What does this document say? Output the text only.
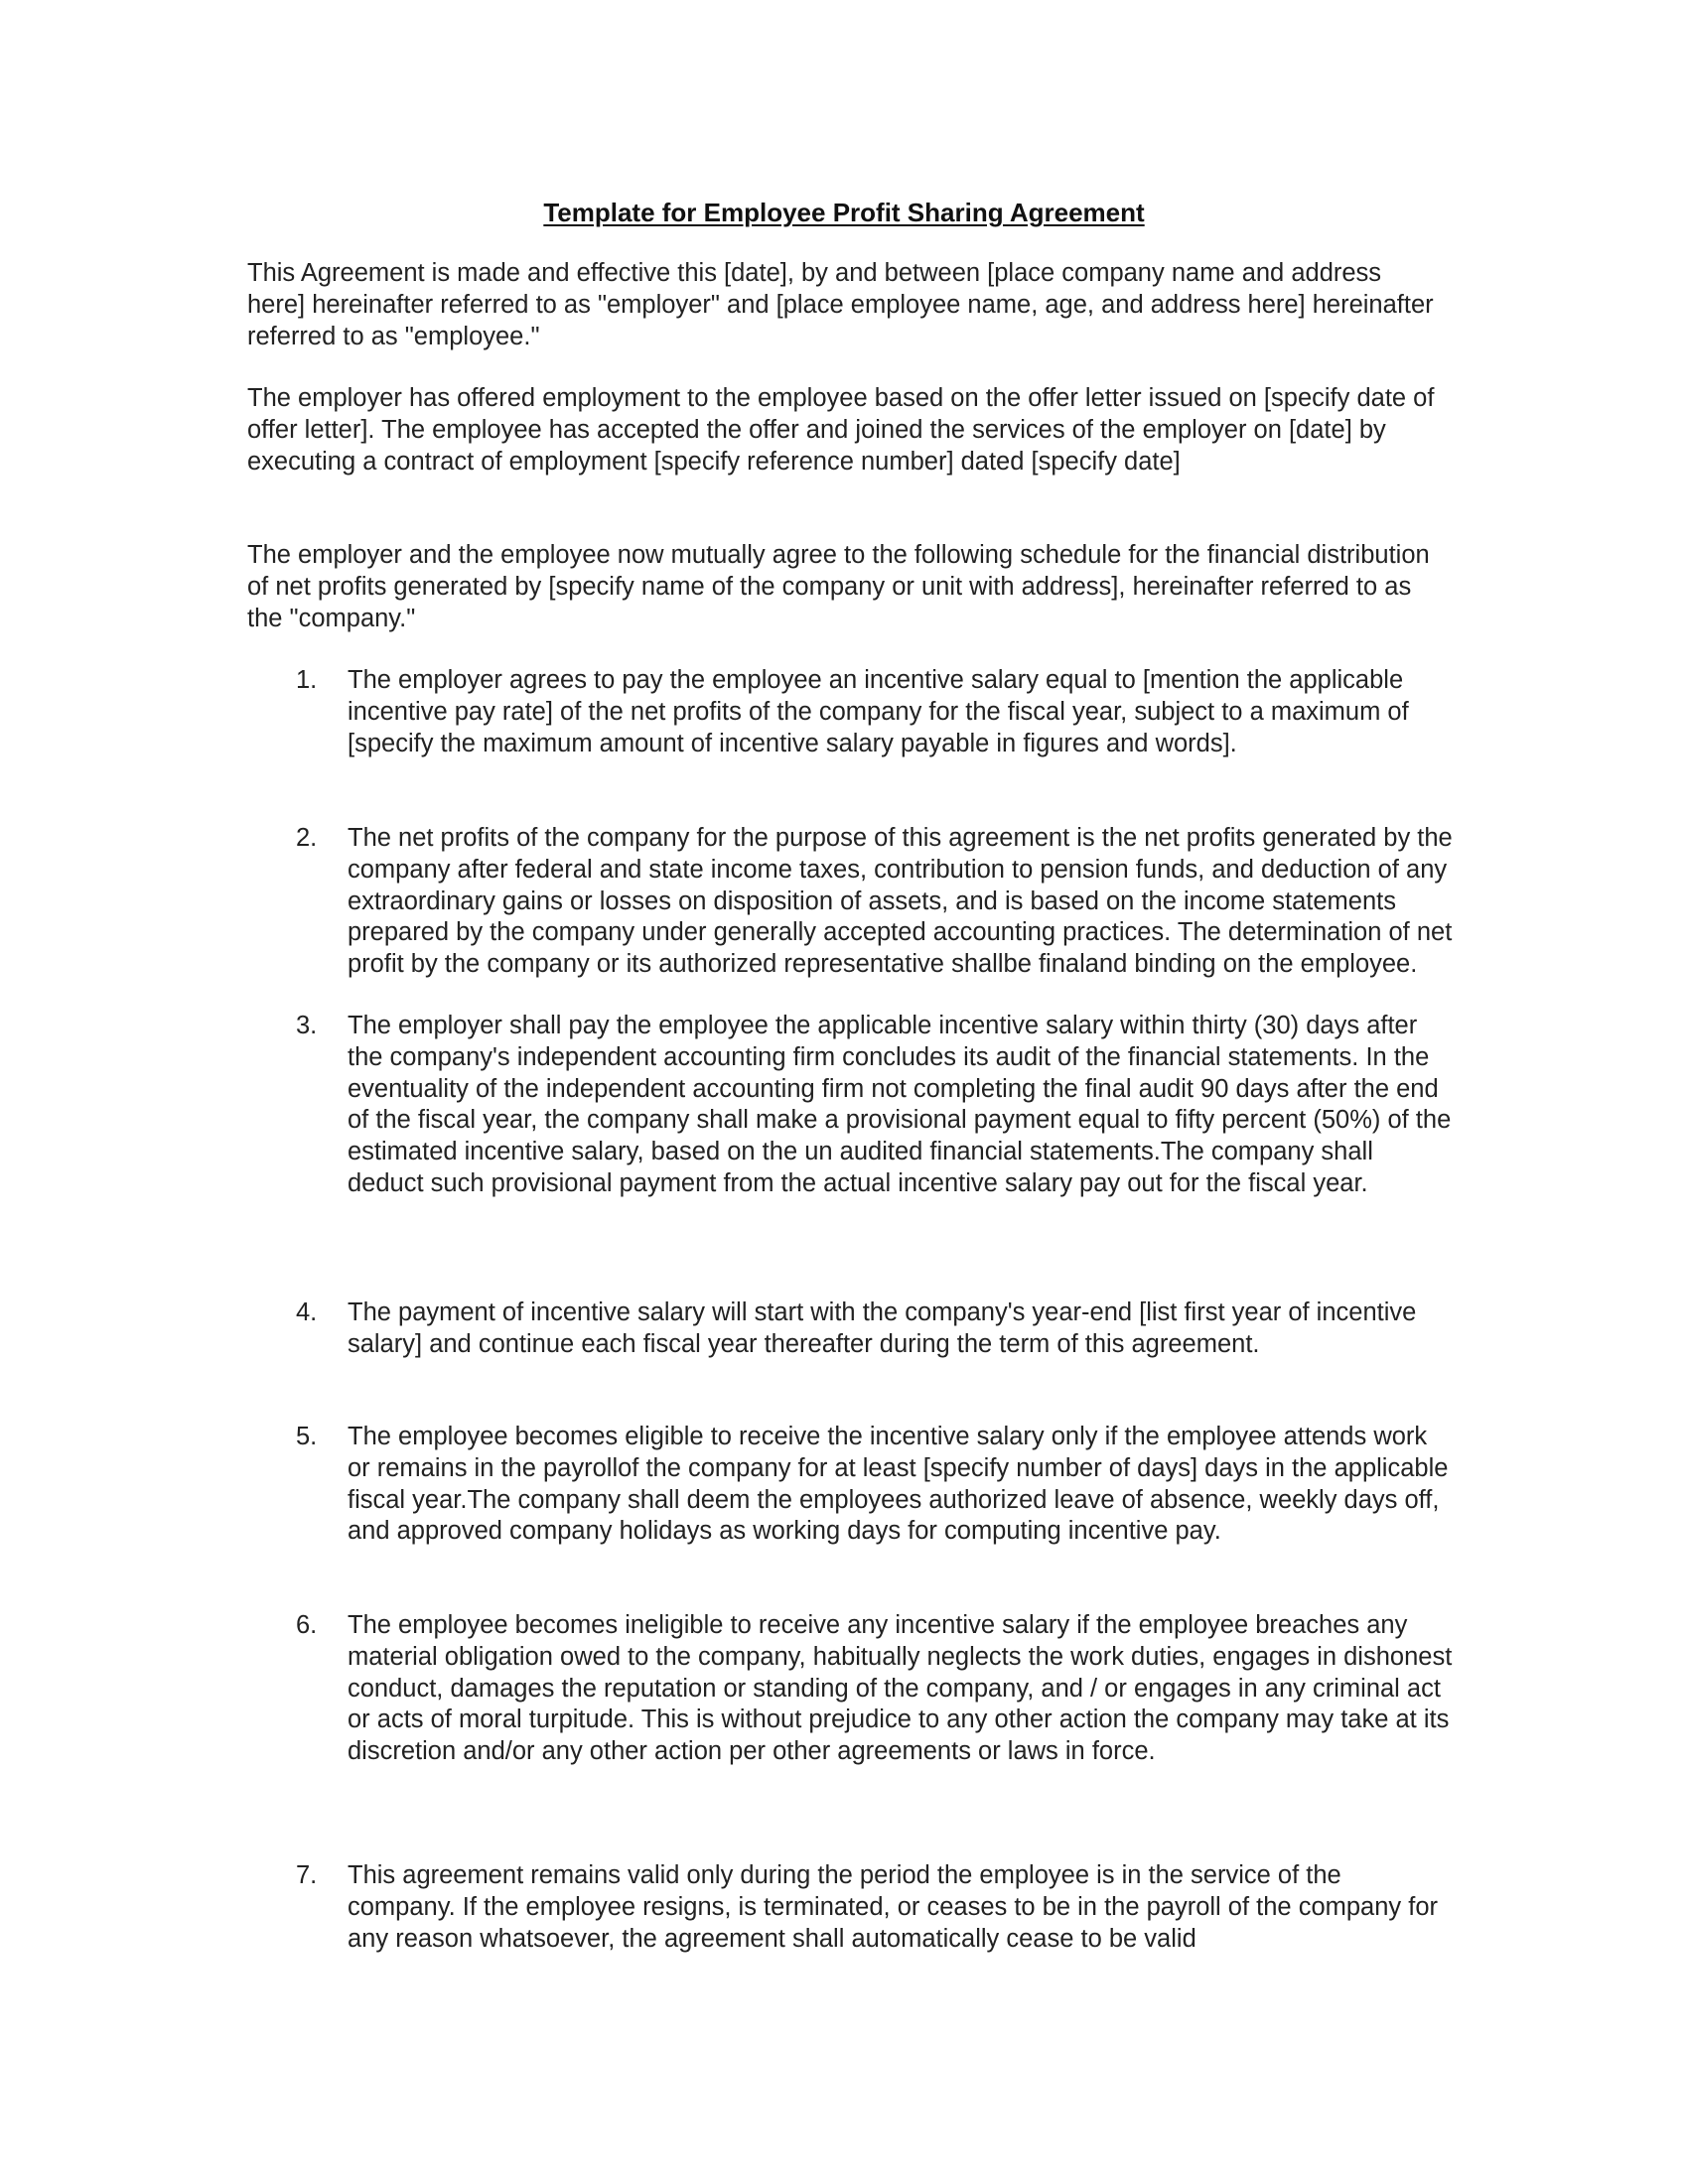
Template for Employee Profit Sharing Agreement

This Agreement is made and effective this [date], by and between [place company name and address here] hereinafter referred to as "employer" and [place employee name, age, and address here] hereinafter referred to as "employee."

The employer has offered employment to the employee based on the offer letter issued on [specify date of offer letter]. The employee has accepted the offer and joined the services of the employer on [date] by executing a contract of employment [specify reference number] dated [specify date]

The employer and the employee now mutually agree to the following schedule for the financial distribution of net profits generated by [specify name of the company or unit with address], hereinafter referred to as the "company."

1.	The employer agrees to pay the employee an incentive salary equal to [mention the applicable incentive pay rate] of the net profits of the company for the fiscal year, subject to a maximum of [specify the maximum amount of incentive salary payable in figures and words].

2.	The net profits of the company for the purpose of this agreement is the net profits generated by the company after federal and state income taxes, contribution to pension funds, and deduction of any extraordinary gains or losses on disposition of assets, and is based on the income statements prepared by the company under generally accepted accounting practices. The determination of net profit by the company or its authorized representative shallbe finaland binding on the employee.

3.	The employer shall pay the employee the applicable incentive salary within thirty (30) days after the company's independent accounting firm concludes its audit of the financial statements. In the eventuality of the independent accounting firm not completing the final audit 90 days after the end of the fiscal year, the company shall make a provisional payment equal to fifty percent (50%) of the estimated incentive salary, based on the un audited financial statements.The company shall deduct such provisional payment from the actual incentive salary pay out for the fiscal year.

4.	The payment of incentive salary will start with the company's year-end [list first year of incentive salary] and continue each fiscal year thereafter during the term of this agreement.

5.	The employee becomes eligible to receive the incentive salary only if the employee attends work or remains in the payrollof the company for at least [specify number of days] days in the applicable fiscal year.The company shall deem the employees authorized leave of absence, weekly days off, and approved company holidays as working days for computing incentive pay.

6.	The employee becomes ineligible to receive any incentive salary if the employee breaches any material obligation owed to the company, habitually neglects the work duties, engages in dishonest conduct, damages the reputation or standing of the company, and / or engages in any criminal act or acts of moral turpitude. This is without prejudice to any other action the company may take at its discretion and/or any other action per other agreements or laws in force.

7.	This agreement remains valid only during the period the employee is in the service of the company. If the employee resigns, is terminated, or ceases to be in the payroll of the company for any reason whatsoever, the agreement shall automatically cease to be valid
